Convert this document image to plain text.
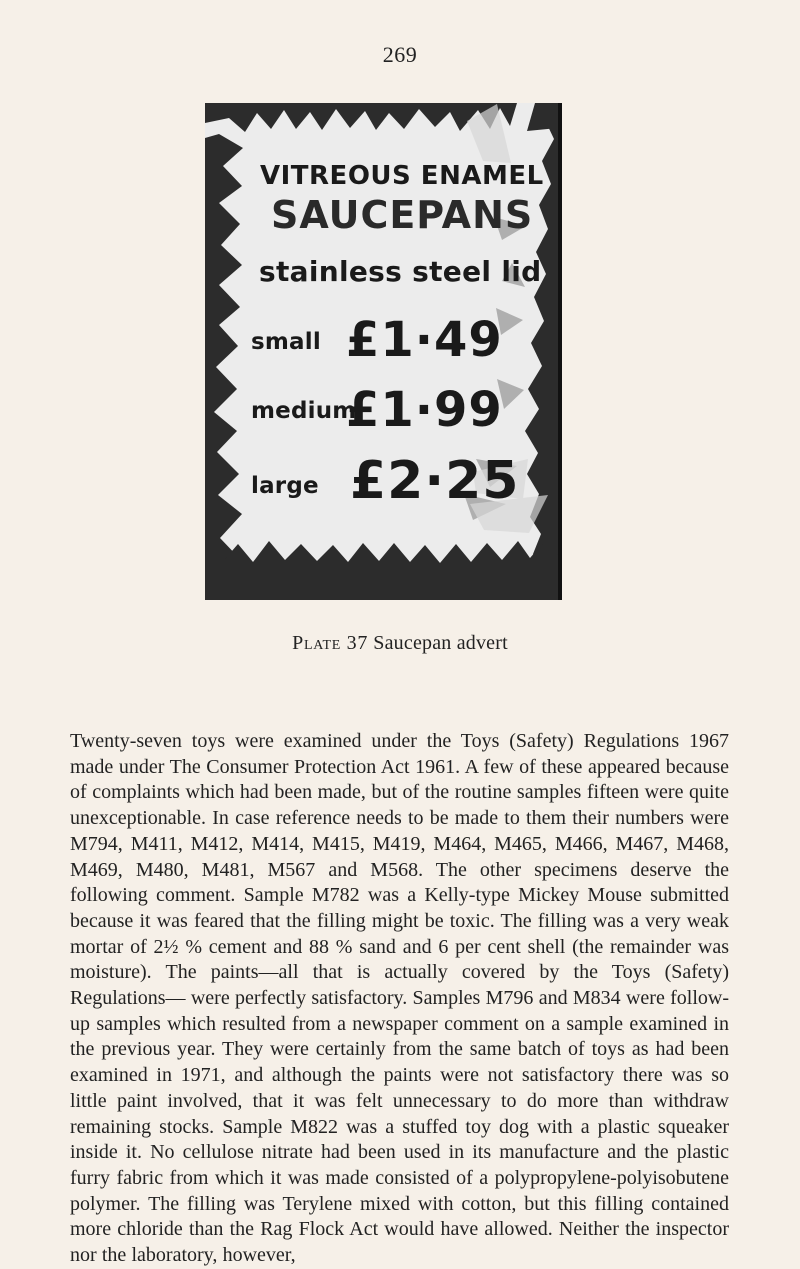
269
VITREOUS ENAMEL
SAUCEPANS
stainless steel lid
small £1·49
medium
£1·99
large £2·25
Plate 37 Saucepan advert

Twenty-seven toys were examined under the Toys (Safety) Regulations 1967 made under The Consumer Protection Act 1961. A few of these appeared because of complaints which had been made, but of the routine samples fifteen were quite unexceptionable. In case reference needs to be made to them their numbers were M794, M411, M412, M414, M415, M419, M464, M465, M466, M467, M468, M469, M480, M481, M567 and M568. The other specimens deserve the following comment. Sample M782 was a Kelly-type Mickey Mouse submitted because it was feared that the filling might be toxic. The filling was a very weak mortar of 2½ % cement and 88 % sand and 6 per cent shell (the remainder was moisture). The paints—all that is actually covered by the Toys (Safety) Regulations— were perfectly satisfactory. Samples M796 and M834 were follow-up samples which resulted from a newspaper comment on a sample examined in the previous year. They were certainly from the same batch of toys as had been examined in 1971, and although the paints were not satisfactory there was so little paint involved, that it was felt unnecessary to do more than withdraw remaining stocks. Sample M822 was a stuffed toy dog with a plastic squeaker inside it. No cellulose nitrate had been used in its manufacture and the plastic furry fabric from which it was made consisted of a polypropylene-polyisobutene polymer. The filling was Terylene mixed with cotton, but this filling contained more chloride than the Rag Flock Act would have allowed. Neither the inspector nor the laboratory, however,
